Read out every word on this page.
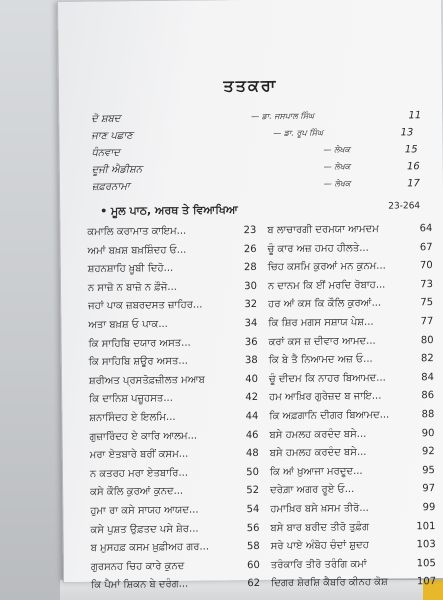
ਤਤਕਰਾ
ਦੋ ਸ਼ਬਦ	— ਡਾ. ਜਸਪਾਲ ਸਿੰਘ	11
ਜਾਣ ਪਛਾਣ	— ਡਾ. ਰੂਪ ਸਿੰਘ	13
ਧੰਨਵਾਦ	— ਲੇਖਕ	15
ਦੂਜੀ ਐਡੀਸ਼ਨ	— ਲੇਖਕ	16
ਜ਼ਫ਼ਰਨਾਮਾ	— ਲੇਖਕ	17
• ਮੂਲ ਪਾਠ, ਅਰਥ ਤੇ ਵਿਆਖਿਆ	23-264
ਕਮਾਲਿ ਕਰਾਮਾਤ ਕਾਇਮ...	23
ਅਮਾਂ ਬਖ਼ਸ਼ ਬਖ਼ਸ਼ਿੰਦਹ ਓ...	26
ਸ਼ਹਨਸ਼ਾਹਿ ਖ਼ੂਬੀ ਦਿਹੋ...	28
ਨ ਸਾਜ਼ੋ ਨ ਬਾਜ਼ੋ ਨ ਫ਼ੌਜੋ...	30
ਜਹਾਂ ਪਾਕ ਜ਼ਬਰਦਸਤ ਜ਼ਾਹਿਰ...	32
ਅਤਾ ਬਖ਼ਸ਼ ਓ ਪਾਕ...	34
ਕਿ ਸਾਹਿਬਿ ਦਯਾਰ ਅਸਤ...	36
ਕਿ ਸਾਹਿਬਿ ਸ਼ਊਰ ਅਸਤ...	38
ਸ਼ਰੀਅਤ ਪ੍ਰਸਤੋਫ਼ਜ਼ੀਲਤ ਮਆਬ	40
ਕਿ ਦਾਨਿਸ਼ ਪਜ਼ੂਹਸਤ...	42
ਸ਼ਨਾਸਿੰਦਹ ਏ ਇਲਮਿ...	44
ਗੁਜ਼ਾਰਿੰਦਹ ਏ ਕਾਰਿ ਆਲਮ...	46
ਮਰਾ ਏਤਬਾਰੇ ਬਰੀਂ ਕਸਮ...	48
ਨ ਕਤਰਹ ਮਰਾ ਏਤਬਾਰਿ...	50
ਕਸੇ ਕੌਲਿ ਕੁਰਆਂ ਕੁਨਦ...	52
ਹੁਮਾ ਰਾ ਕਸੇ ਸਾਯਹ ਆਯਦ...	54
ਕਸੇ ਪੁਸ਼ਤ ਉਫ਼ਤਦ ਪਸੇ ਸ਼ੇਰ...	56
ਬ ਮੁਸਹਫ਼ ਕਸਮ ਖ਼ੁਫ਼ੀਅਹ ਗਰ...	58
ਗੁਰਸਨਹ ਚਿਹ ਕਾਰੇ ਕੁਨਦ	60
ਕਿ ਪੈਮਾਂ ਸ਼ਿਕਨ ਬੇ ਦਰੰਗ...	62
ਬ ਲਾਚਾਰਗੀ ਦਰਮਯਾ ਆਮਦਮ	64
ਚੂੰ ਕਾਰ ਅਜ਼ ਹਮਹ ਹੀਲਤੇ...	67
ਚਿਹ ਕਸਮਿ ਕੁਰਆਂ ਮਨ ਕੁਨਮ...	70
ਨ ਦਾਨਮ ਕਿ ਈਂ ਮਰਦਿ ਰੋਬਾਹ...	73
ਹਰ ਆਂ ਕਸ ਕਿ ਕੌਲਿ ਕੁਰਆਂ...	75
ਕਿ ਸ਼ਿਰ ਮਗਸ ਸਸ਼ਾਯ ਪੇਸ਼...	77
ਕਰਾਂ ਕਸ ਜ਼ ਦੀਵਾਰ ਆਮਦ...	80
ਕਿ ਬੇ ਤੈ ਨਿਆਮਦ ਅਜ਼ ਓ...	82
ਚੂੰ ਦੀਦਮ ਕਿ ਨਾਹਰ ਬਿਆਮਦ...	84
ਹਮ ਆਖ਼ਿਰ ਗੁਰੇਜ਼ਦ ਬ ਜਾਇ...	86
ਕਿ ਅਫ਼ਗਾਨਿ ਦੀਗਰ ਬਿਆਮਦ...	88
ਬਸੇ ਹਮਲਹ ਕਰਦੰਦ ਬਸੇ...	90
ਬਸੇ ਹਮਲਹ ਕਰਦੰਦ ਬਸੇ...	92
ਕਿ ਆਂ ਖ਼ੁਆਜਾ ਮਰਦੂਦ...	95
ਦਰੇਗ਼ਾ ਅਗਰ ਰੂਏ ਓ...	97
ਹਮਾਖ਼ਿਰ ਬਸੇ ਖ਼ਸਮ ਤੀਰੋ...	99
ਬਸੇ ਬਾਰ ਬਰੀਦ ਤੀਰੋ ਤੁਫ਼ੰਗ	101
ਸਰੇ ਪਾਏ ਅੰਬੋਹ ਚੰਦਾਂ ਸ਼ੁਦਹ	103
ਤਰੰਕਾਰਿ ਤੀਰੋ ਤਰੰਗਿ ਕਮਾਂ	105
ਦਿਗਰ ਸ਼ੋਰਸ਼ਿ ਕੈਬਰਿ ਕੀਨਹ ਕੋਸ਼	107
